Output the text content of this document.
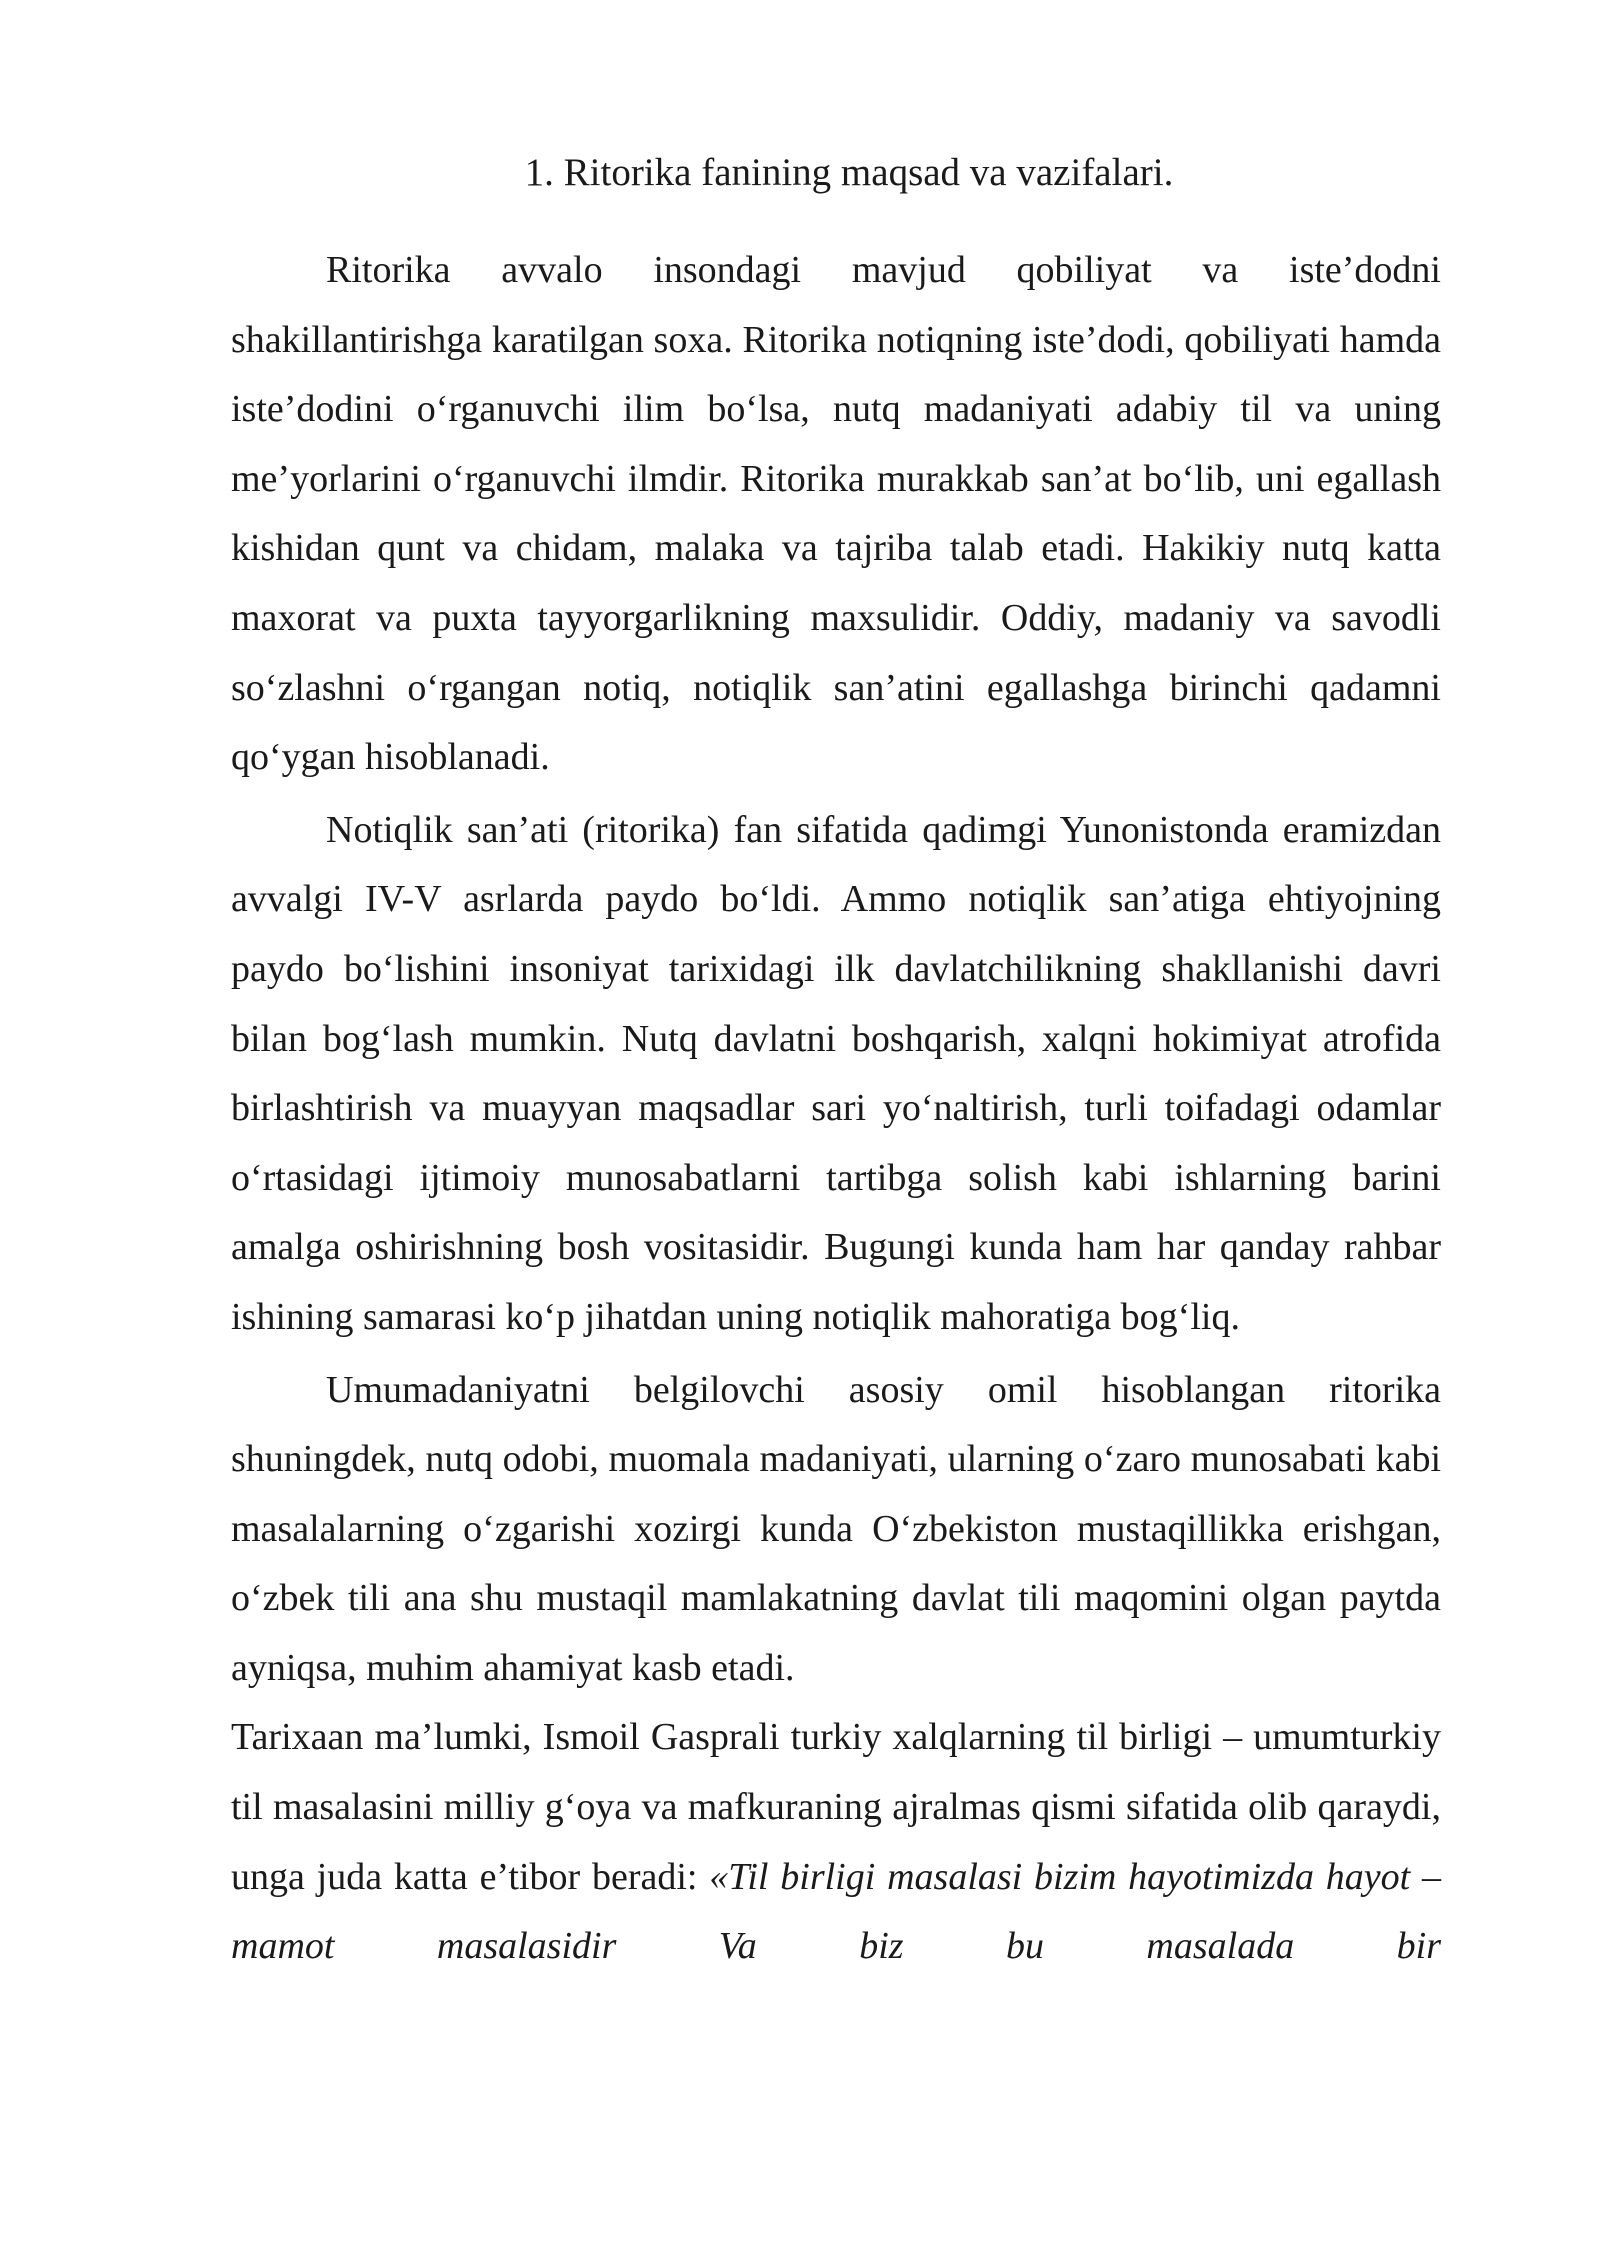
1. Ritorika fanining maqsad va vazifalari.

Ritorika avvalo insondagi mavjud qobiliyat va iste’dodni shakillantirishga karatilgan soxa. Ritorika notiqning iste’dodi, qobiliyati hamda iste’dodini o‘rganuvchi ilim bo‘lsa, nutq madaniyati adabiy til va uning me’yorlarini o‘rganuvchi ilmdir. Ritorika murakkab san’at bo‘lib, uni egallash kishidan qunt va chidam, malaka va tajriba talab etadi. Hakikiy nutq katta maxorat va puxta tayyorgarlikning maxsulidir. Oddiy, madaniy va savodli so‘zlashni o‘rgangan notiq, notiqlik san’atini egallashga birinchi qadamni qo‘ygan hisoblanadi.

Notiqlik san’ati (ritorika) fan sifatida qadimgi Yunonistonda eramizdan avvalgi IV-V asrlarda paydo bo‘ldi. Ammo notiqlik san’atiga ehtiyojning paydo bo‘lishini insoniyat tarixidagi ilk davlatchilikning shakllanishi davri bilan bog‘lash mumkin. Nutq davlatni boshqarish, xalqni hokimiyat atrofida birlashtirish va muayyan maqsadlar sari yo‘naltirish, turli toifadagi odamlar o‘rtasidagi ijtimoiy munosabatlarni tartibga solish kabi ishlarning barini amalga oshirishning bosh vositasidir. Bugungi kunda ham har qanday rahbar ishining samarasi ko‘p jihatdan uning notiqlik mahoratiga bog‘liq.

Umumadaniyatni belgilovchi asosiy omil hisoblangan ritorika shuningdek, nutq odobi, muomala madaniyati, ularning o‘zaro munosabati kabi masalalarning o‘zgarishi xozirgi kunda O‘zbekiston mustaqillikka erishgan, o‘zbek tili ana shu mustaqil mamlakatning davlat tili maqomini olgan paytda ayniqsa, muhim ahamiyat kasb etadi.

Tarixaan ma’lumki, Ismoil Gasprali turkiy xalqlarning til birligi – umumturkiy til masalasini milliy g‘oya va mafkuraning ajralmas qismi sifatida olib qaraydi, unga juda katta e’tibor beradi: «Til birligi masalasi bizim hayotimizda hayot – mamot masalasidir Va biz bu masalada bir
